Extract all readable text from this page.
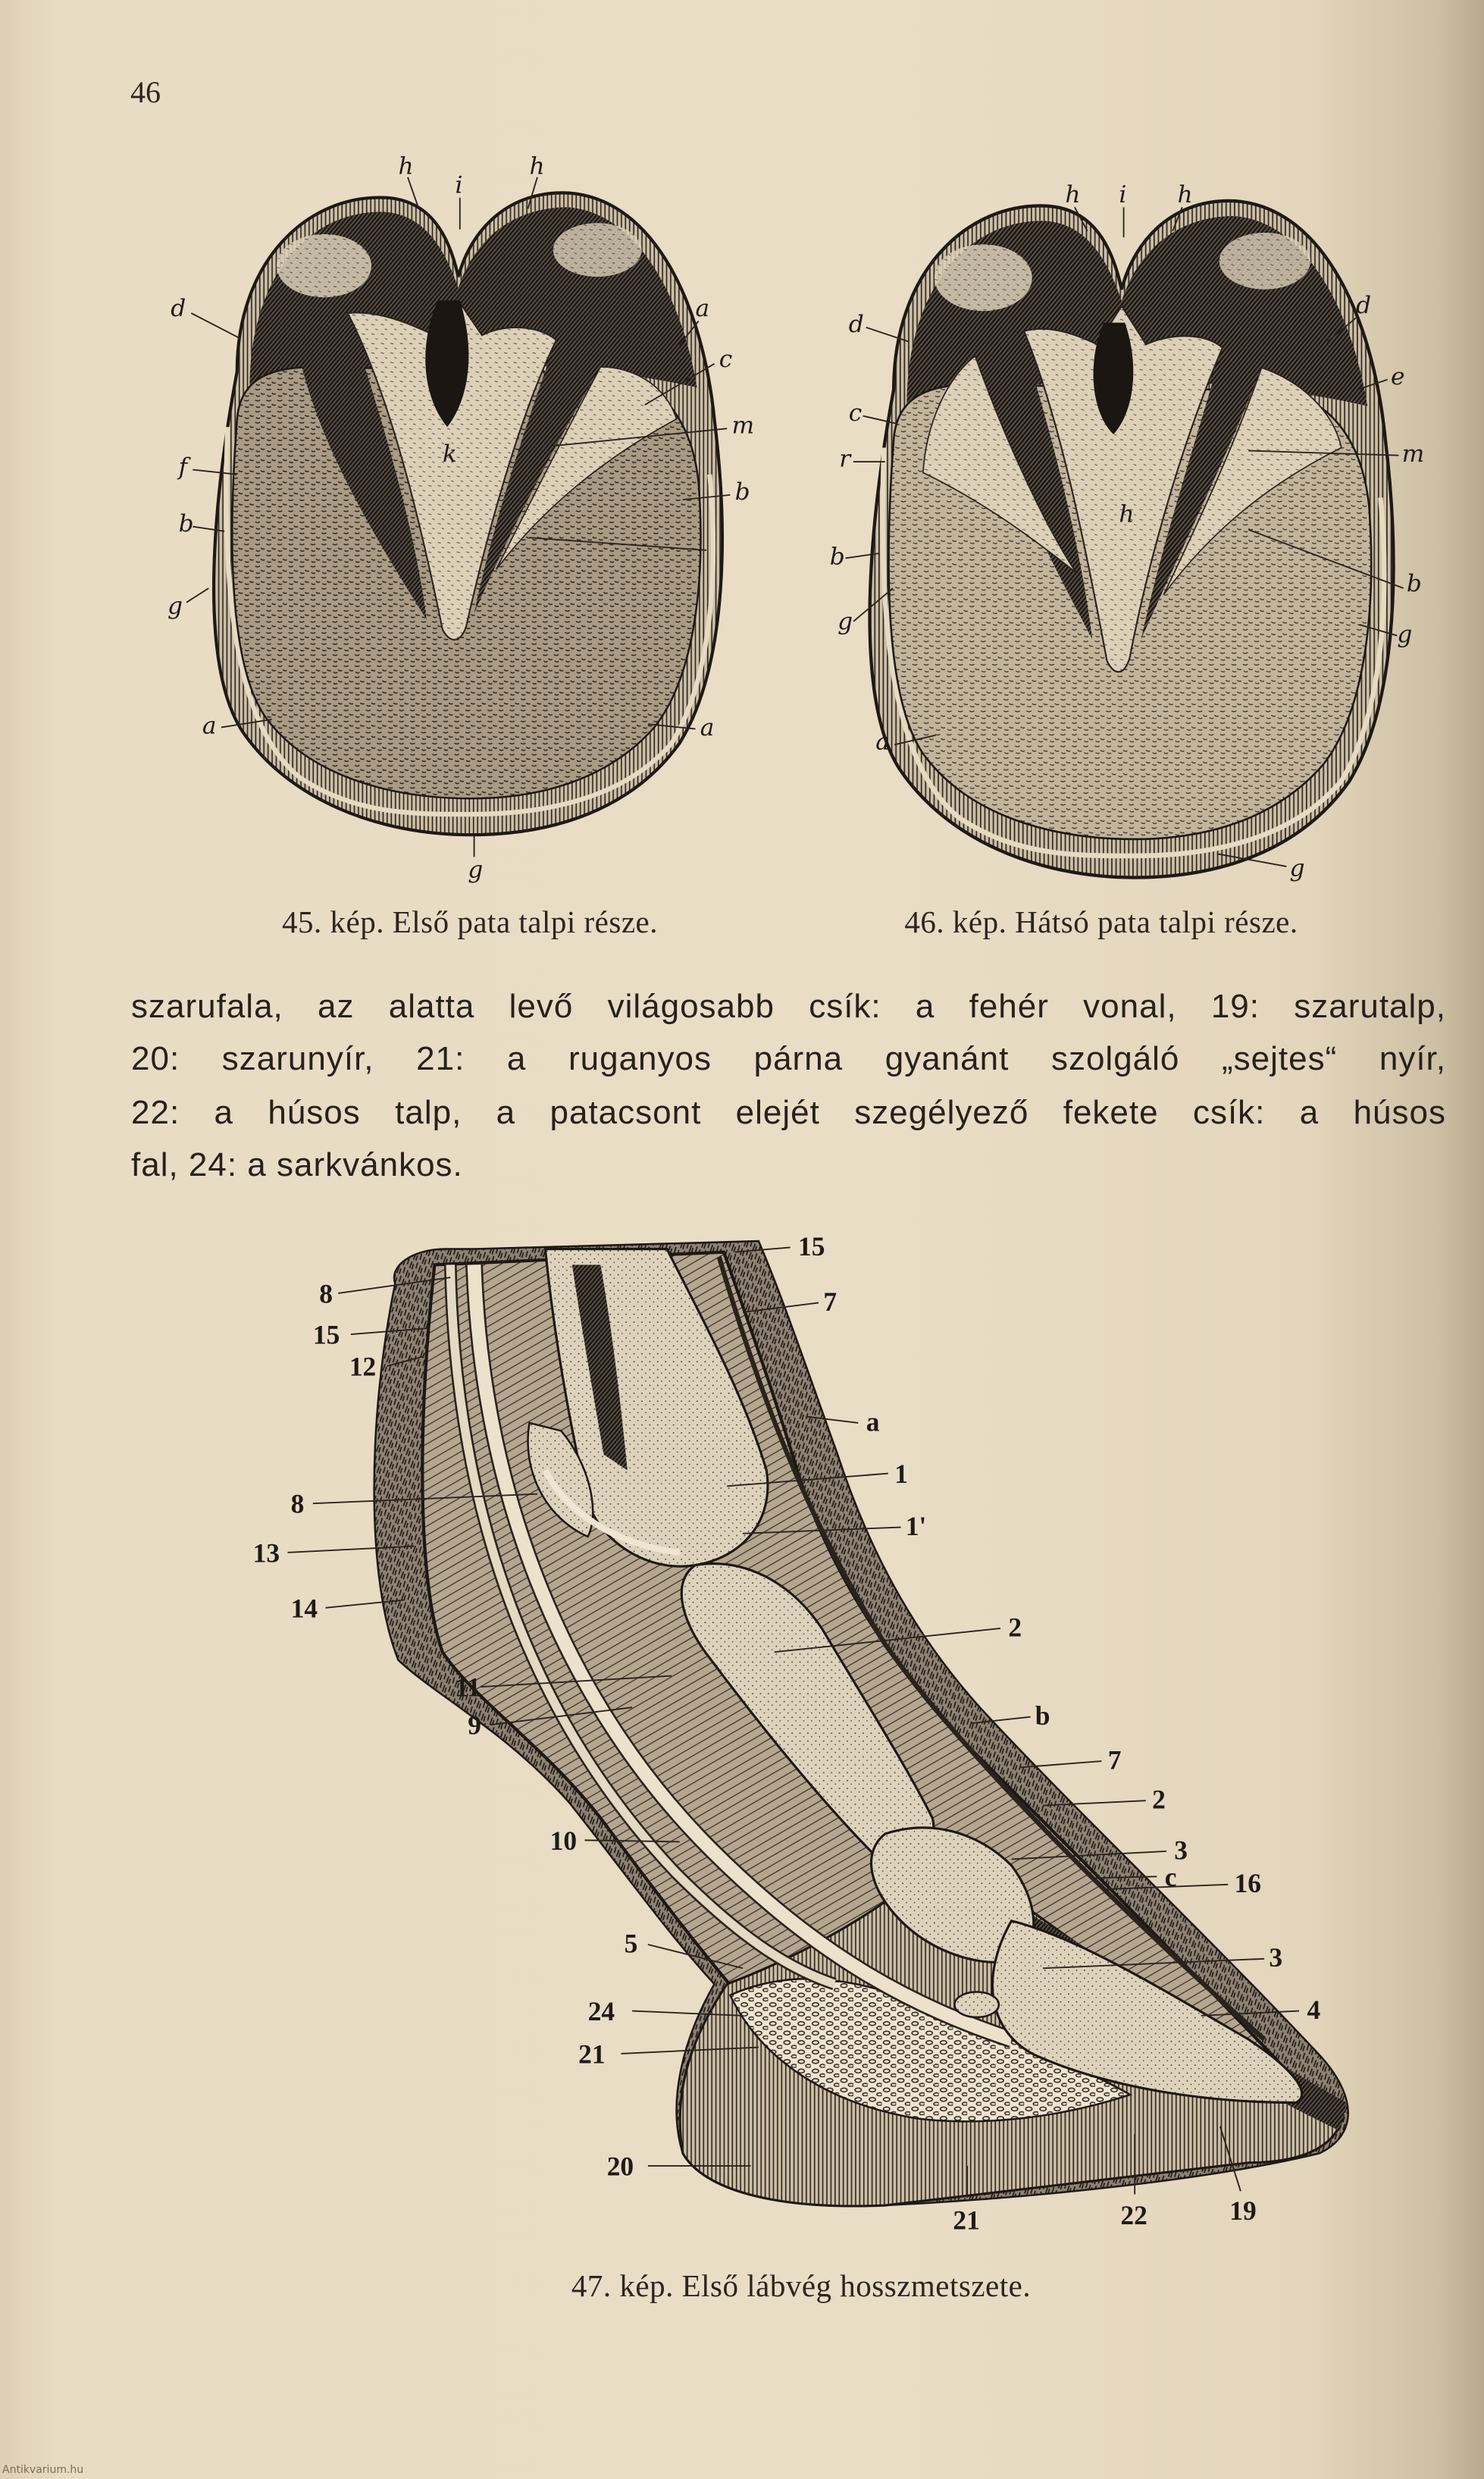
46
h	h
i
d	a
c
m
b
f
b
g
a	a
g
k
h	i	h
d
d
c
e
r	m
b
b
g	g
h
a
g
8
15
12
8
13
14
11
9
10
5
24
21
20
21	22	19
15
7
a
1
1'
2
b
7
2
3
c	16
3
4
45. kép. Első pata talpi része.	46. kép. Hátsó pata talpi része.
szarufala, az alatta levő világosabb csík: a fehér vonal, 19: szarutalp,
20: szarunyír, 21: a ruganyos párna gyanánt szolgáló „sejtes“ nyír,
22: a húsos talp, a patacsont elejét szegélyező fekete csík: a húsos
fal, 24: a sarkvánkos.
47. kép. Első lábvég hosszmetszete.
Antikvarium.hu
